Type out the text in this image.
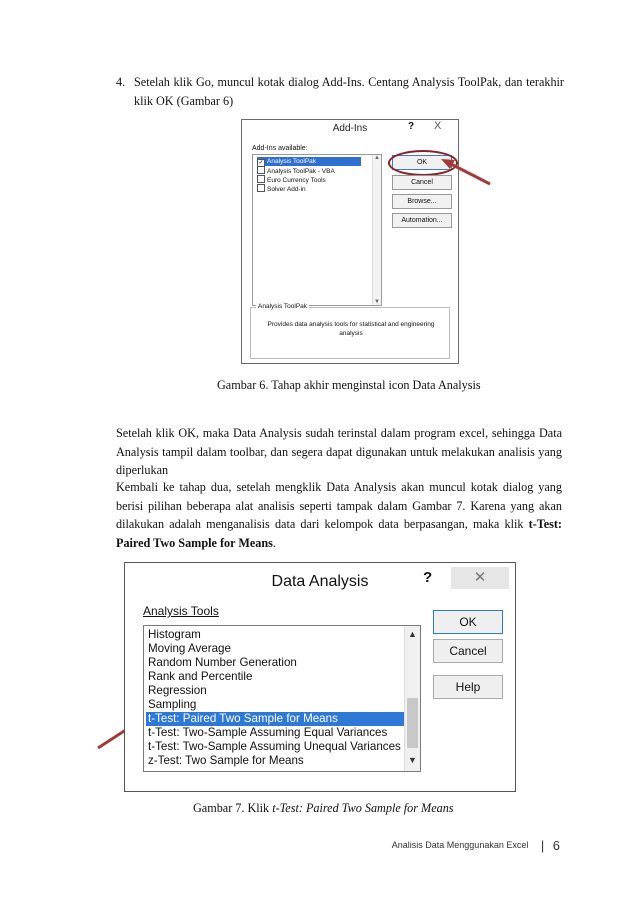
4. Setelah klik Go, muncul kotak dialog Add-Ins. Centang Analysis ToolPak, dan terakhir klik OK (Gambar 6)
Add-Ins	? X
Add-Ins available:
✓ Analysis ToolPak
Analysis ToolPak - VBA
Euro Currency Tools
Solver Add-in
▲
▼
OK
Cancel
Browse...
Automation...
Analysis ToolPak
Provides data analysis tools for statistical and engineering analysis
Gambar 6. Tahap akhir menginstal icon Data Analysis
Setelah klik OK, maka Data Analysis sudah terinstal dalam program excel, sehingga Data Analysis tampil dalam toolbar, dan segera dapat digunakan untuk melakukan analisis yang diperlukan
Kembali ke tahap dua, setelah mengklik Data Analysis akan muncul kotak dialog yang berisi pilihan beberapa alat analisis seperti tampak dalam Gambar 7. Karena yang akan dilakukan adalah menganalisis data dari kelompok data berpasangan, maka klik t-Test: Paired Two Sample for Means.
Data Analysis	?	✕
Analysis Tools
Histogram
Moving Average
Random Number Generation
Rank and Percentile
Regression
Sampling
t-Test: Paired Two Sample for Means
t-Test: Two-Sample Assuming Equal Variances
t-Test: Two-Sample Assuming Unequal Variances
z-Test: Two Sample for Means
▲
▼
OK
Cancel
Help
Gambar 7. Klik t-Test: Paired Two Sample for Means
Analisis Data Menggunakan Excel | 6
